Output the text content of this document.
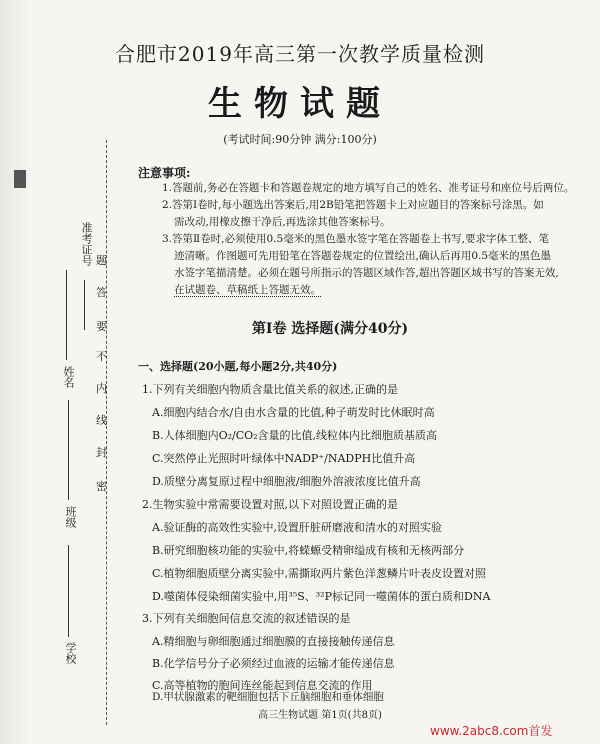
准考证号
姓名
班级
学校
题
答
要
不
内
线
封
密
合肥市2019年高三第一次教学质量检测
生物试题
(考试时间:90分钟 满分:100分)
注意事项:
1.答题前,务必在答题卡和答题卷规定的地方填写自己的姓名、准考证号和座位号后两位。
2.答第Ⅰ卷时,每小题选出答案后,用2B铅笔把答题卡上对应题目的答案标号涂黑。如
需改动,用橡皮擦干净后,再选涂其他答案标号。
3.答第Ⅱ卷时,必须使用0.5毫米的黑色墨水签字笔在答题卷上书写,要求字体工整、笔
迹清晰。作图题可先用铅笔在答题卷规定的位置绘出,确认后再用0.5毫米的黑色墨
水签字笔描清楚。必须在题号所指示的答题区域作答,超出答题区域书写的答案无效,
在试题卷、草稿纸上答题无效。
第Ⅰ卷 选择题(满分40分)
一、选择题(20小题,每小题2分,共40分)
1.下列有关细胞内物质含量比值关系的叙述,正确的是
A.细胞内结合水/自由水含量的比值,种子萌发时比休眠时高
B.人体细胞内O₂/CO₂含量的比值,线粒体内比细胞质基质高
C.突然停止光照时叶绿体中NADP⁺/NADPH比值升高
D.质壁分离复原过程中细胞液/细胞外溶液浓度比值升高
2.生物实验中常需要设置对照,以下对照设置正确的是
A.验证酶的高效性实验中,设置肝脏研磨液和清水的对照实验
B.研究细胞核功能的实验中,将蝾螈受精卵缢成有核和无核两部分
C.植物细胞质壁分离实验中,需撕取两片紫色洋葱鳞片叶表皮设置对照
D.噬菌体侵染细菌实验中,用³⁵S、³²P标记同一噬菌体的蛋白质和DNA
3.下列有关细胞间信息交流的叙述错误的是
A.精细胞与卵细胞通过细胞膜的直接接触传递信息
B.化学信号分子必须经过血液的运输才能传递信息
C.高等植物的胞间连丝能起到信息交流的作用
高三生物试题 第1页(共8页)
www.2abc8.com首发
D.甲状腺激素的靶细胞包括下丘脑细胞和垂体细胞
